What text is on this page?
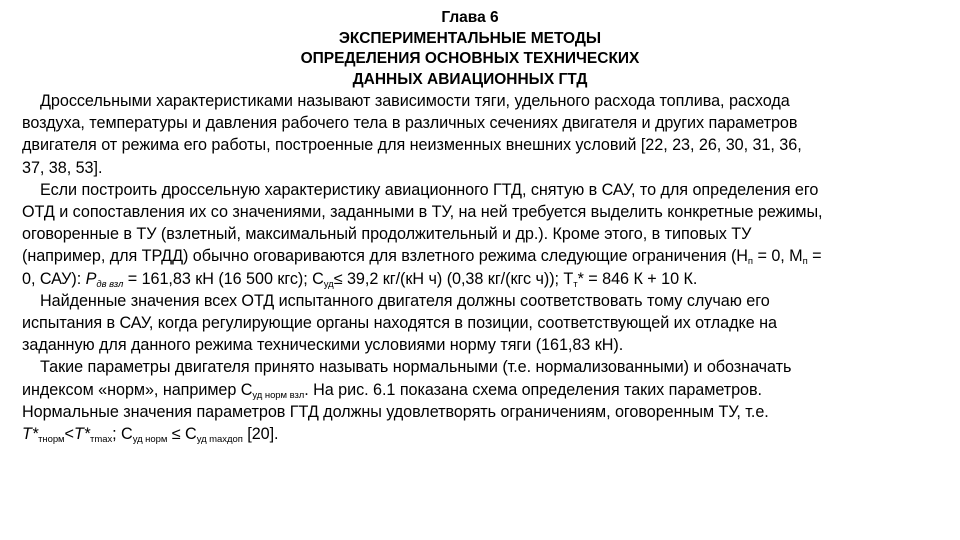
Глава 6
ЭКСПЕРИМЕНТАЛЬНЫЕ МЕТОДЫ
ОПРЕДЕЛЕНИЯ ОСНОВНЫХ ТЕХНИЧЕСКИХ
ДАННЫХ АВИАЦИОННЫХ ГТД
Дроссельными характеристиками называют зависимости тяги, удельного расхода топлива, расхода
воздуха, температуры и давления рабочего тела в различных сечениях двигателя и других параметров
двигателя от режима его работы, построенные для неизменных внешних условий [22, 23, 26, 30, 31, 36,
37, 38, 53].
Если построить дроссельную характеристику авиационного ГТД, снятую в САУ, то для определения его
ОТД и сопоставления их со значениями, заданными в ТУ, на ней требуется выделить конкретные режимы,
оговоренные в ТУ (взлетный, максимальный продолжительный и др.). Кроме этого, в типовых ТУ
(например, для ТРДД) обычно оговариваются для взлетного режима следующие ограничения ($Н_п = 0$, $М_п$ =
0, САУ): $P_{дв взл} = 161,83$ кН (16 500 кгс); $С_{уд}\le 39,2$ кг/(кН ч) (0,38 кг/(кгс ч)); $Т_т* = 846$ К + 10 К.
Найденные значения всех ОТД испытанного двигателя должны соответствовать тому случаю его
испытания в САУ, когда регулирующие органы находятся в позиции, соответствующей их отладке на
заданную для данного режима техническими условиями норму тяги (161,83 кН).
Такие параметры двигателя принято называть нормальными (т.е. нормализованными) и обозначать
индексом «норм», например $С_{уд норм взл}$. На рис. 6.1 показана схема определения таких параметров.
Нормальные значения параметров ГТД должны удовлетворять ограничениям, оговоренным ТУ, т.е.
$T*_{тнорм}<T*_{тmax}$; $С_{уд норм} \le С_{уд maxдоп}$ [20].
